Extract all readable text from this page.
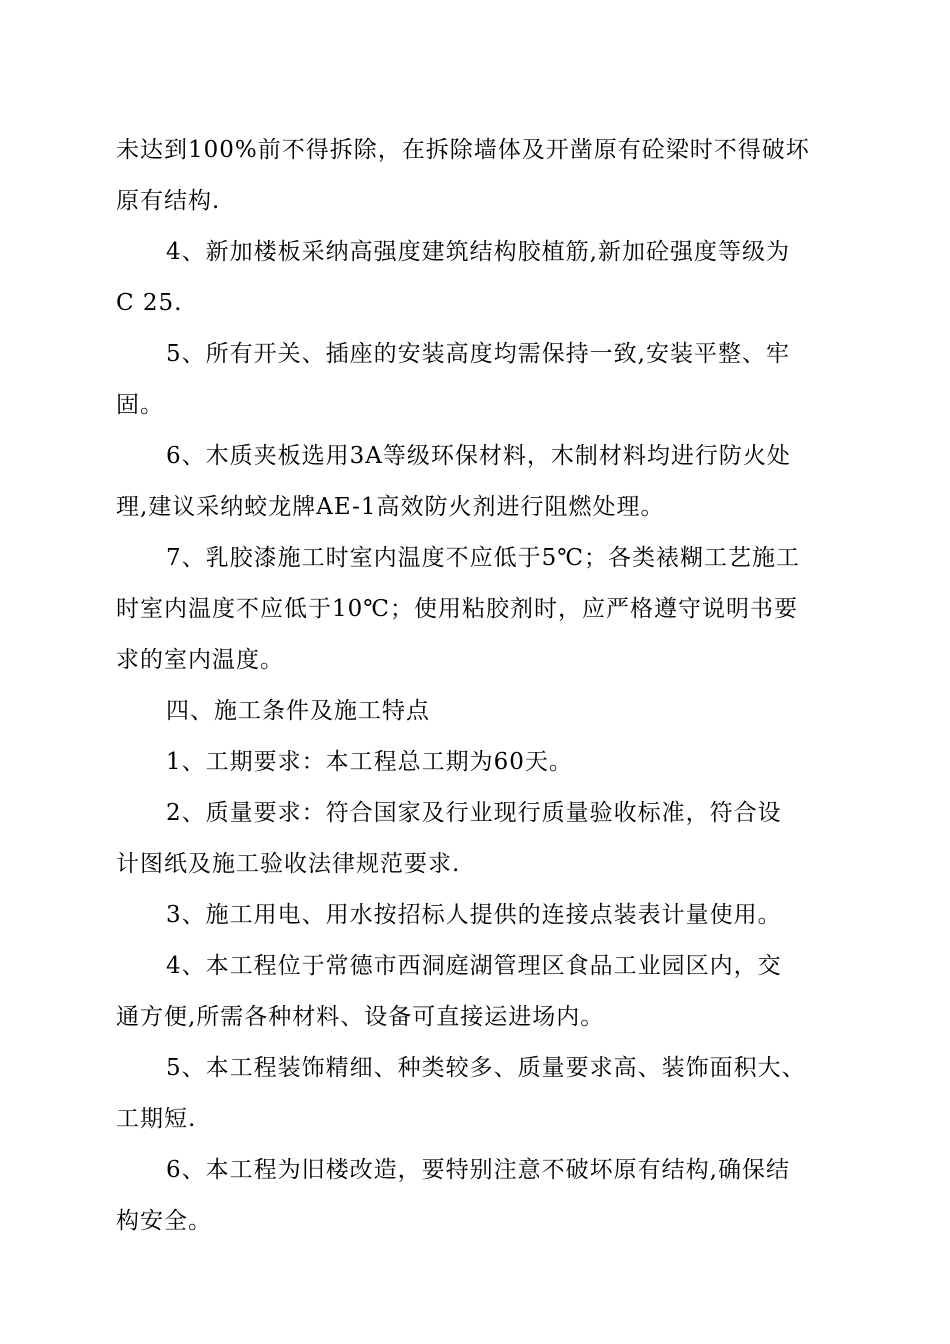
未达到100%前不得拆除，在拆除墙体及开凿原有砼梁时不得破坏
原有结构.
4、新加楼板采纳高强度建筑结构胶植筋,新加砼强度等级为
C 25.
5、所有开关、插座的安装高度均需保持一致,安装平整、牢
固。
6、木质夹板选用3A等级环保材料，木制材料均进行防火处
理,建议采纳蛟龙牌AE-1高效防火剂进行阻燃处理。
7、乳胶漆施工时室内温度不应低于5℃；各类裱糊工艺施工
时室内温度不应低于10℃；使用粘胶剂时，应严格遵守说明书要
求的室内温度。
四、施工条件及施工特点
1、工期要求：本工程总工期为60天。
2、质量要求：符合国家及行业现行质量验收标准，符合设
计图纸及施工验收法律规范要求.
3、施工用电、用水按招标人提供的连接点装表计量使用。
4、本工程位于常德市西洞庭湖管理区食品工业园区内，交
通方便,所需各种材料、设备可直接运进场内。
5、本工程装饰精细、种类较多、质量要求高、装饰面积大、
工期短.
6、本工程为旧楼改造，要特别注意不破坏原有结构,确保结
构安全。
